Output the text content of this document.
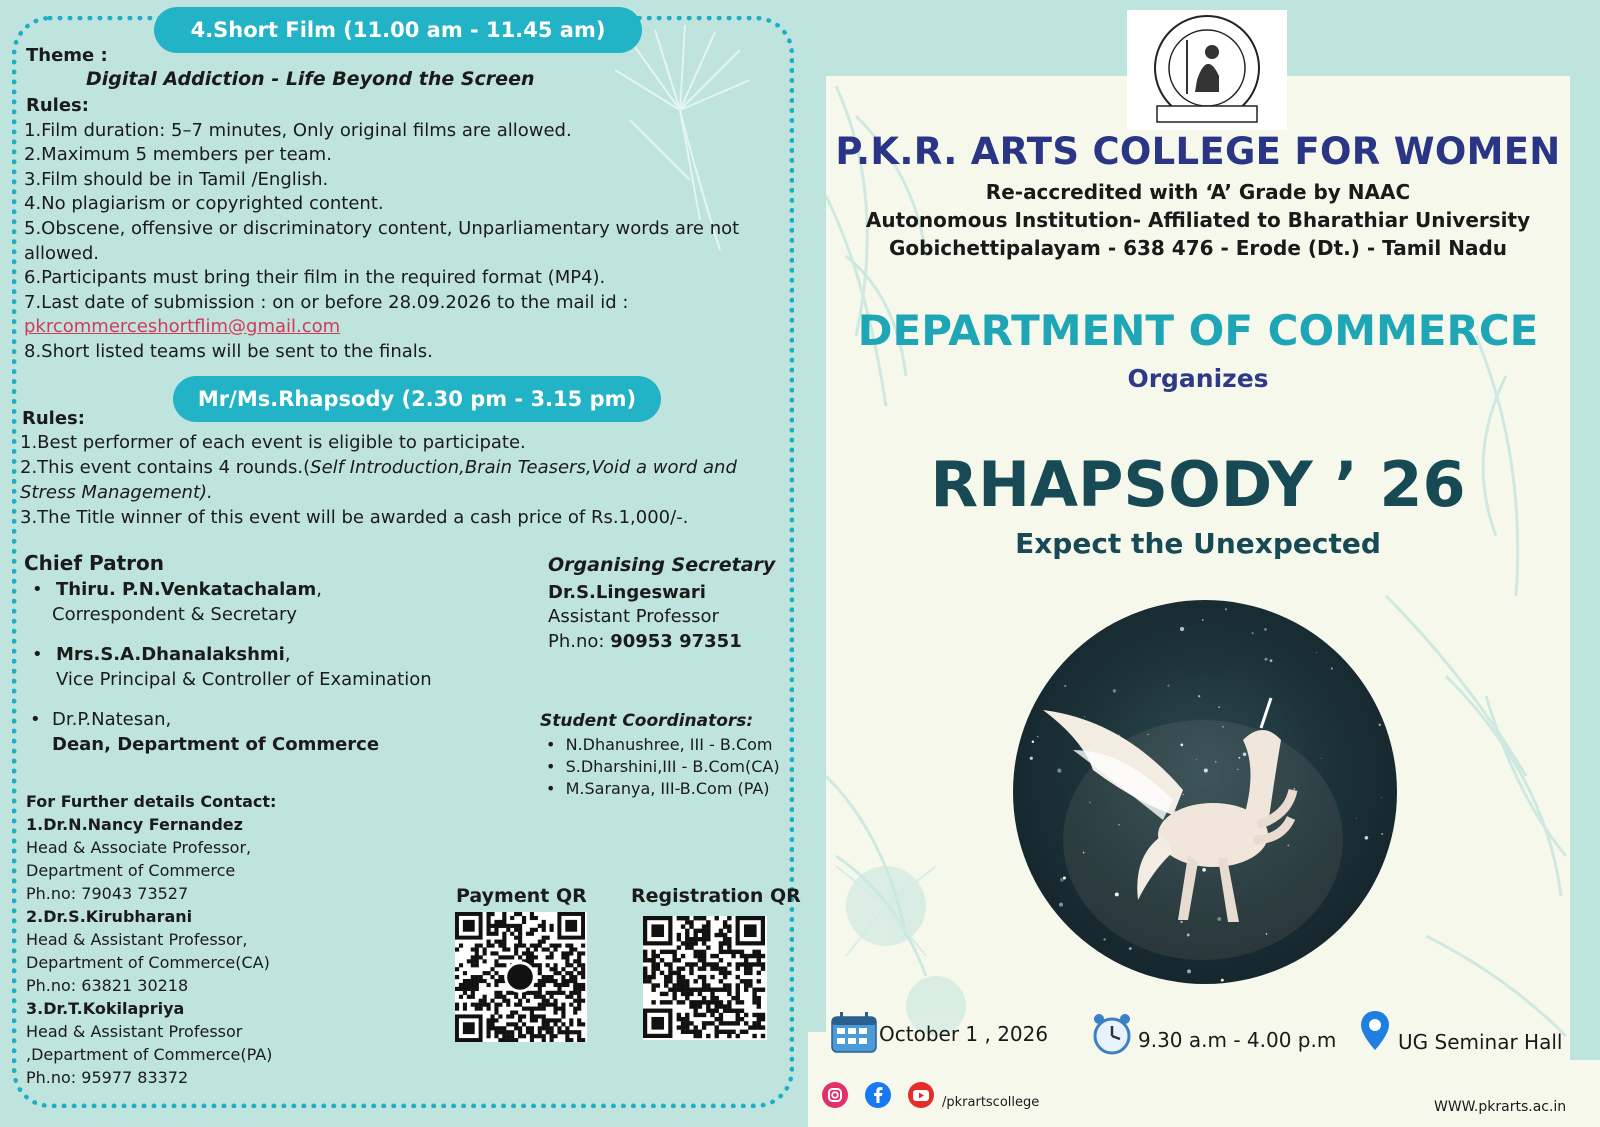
4.Short Film (11.00 am - 11.45 am)
Theme :
Digital Addiction - Life Beyond the Screen
Rules:
1.Film duration: 5–7 minutes, Only original films are allowed.
2.Maximum 5 members per team.
3.Film should be in Tamil /English.
4.No plagiarism or copyrighted content.
5.Obscene, offensive or discriminatory content, Unparliamentary words are not
allowed.
6.Participants must bring their film in the required format (MP4).
7.Last date of submission : on or before 28.09.2026 to the mail id :
pkrcommerceshortflim@gmail.com
8.Short listed teams will be sent to the finals.
Mr/Ms.Rhapsody (2.30 pm - 3.15 pm)
Rules:
1.Best performer of each event is eligible to participate.
2.This event contains 4 rounds.(Self Introduction,Brain Teasers,Void a word and
Stress Management).
3.The Title winner of this event will be awarded a cash price of Rs.1,000/-.
Chief Patron
• Thiru. P.N.Venkatachalam,
Correspondent & Secretary
• Mrs.S.A.Dhanalakshmi,
Vice Principal & Controller of Examination
• Dr.P.Natesan,
Dean, Department of Commerce
Organising Secretary
Dr.S.Lingeswari
Assistant Professor
Ph.no: 90953 97351
Student Coordinators:
•  N.Dhanushree, III - B.Com
•  S.Dharshini,III - B.Com(CA)
•  M.Saranya, III-B.Com (PA)
For Further details Contact:
1.Dr.N.Nancy Fernandez
Head & Associate Professor,
Department of Commerce
Ph.no: 79043 73527
2.Dr.S.Kirubharani
Head & Assistant Professor,
Department of Commerce(CA)
Ph.no: 63821 30218
3.Dr.T.Kokilapriya
Head & Assistant Professor
,Department of Commerce(PA)
Ph.no: 95977 83372
Payment QR Registration QR
P.K.R. ARTS COLLEGE FOR WOMEN
Re-accredited with ‘A’ Grade by NAAC
Autonomous Institution- Affiliated to Bharathiar University
Gobichettipalayam - 638 476 - Erode (Dt.) - Tamil Nadu
DEPARTMENT OF COMMERCE
Organizes
RHAPSODY ’ 26
Expect the Unexpected
October 1 , 2026	9.30 a.m - 4.00 p.m	UG Seminar Hall
/pkrartscollege	WWW.pkrarts.ac.in
